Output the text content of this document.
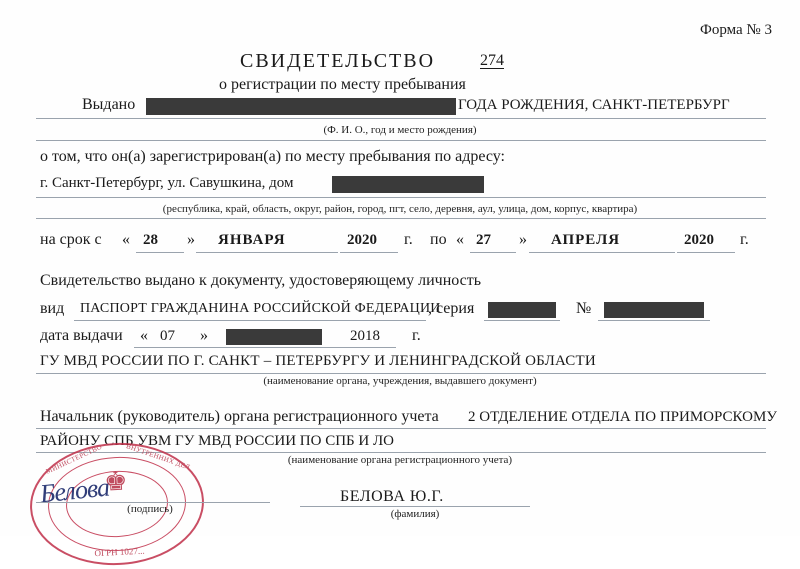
Форма № 3
СВИДЕТЕЛЬСТВО	274
о регистрации по месту пребывания
Выдано	ГОДА РОЖДЕНИЯ, САНКТ-ПЕТЕРБУРГ
(Ф. И. О., год и место рождения)
о том, что он(а) зарегистрирован(а) по месту пребывания по адресу:
г. Санкт-Петербург, ул. Савушкина, дом
(республика, край, область, округ, район, город, пгт, село, деревня, аул, улица, дом, корпус, квартира)
на срок с « 28 » ЯНВАРЯ	2020 г. по « 27 » АПРЕЛЯ	2020 г.
Свидетельство выдано к документу, удостоверяющему личность
вид ПАСПОРТ ГРАЖДАНИНА РОССИЙСКОЙ ФЕДЕРАЦИИ
, серия	№
дата выдачи « 07 »	2018 г.
ГУ МВД РОССИИ ПО Г. САНКТ – ПЕТЕРБУРГУ И ЛЕНИНГРАДСКОЙ ОБЛАСТИ
(наименование органа, учреждения, выдавшего документ)
Начальник (руководитель) органа регистрационного учета 2 ОТДЕЛЕНИЕ ОТДЕЛА ПО ПРИМОРСКОМУ
РАЙОНУ СПБ УВМ ГУ МВД РОССИИ ПО СПБ И ЛО
(наименование органа регистрационного учета)
♚
МИНИСТЕРСТВО	ВНУТРЕННИХ ДЕЛ
ОГРН 1027...
Белова
(подпись)
БЕЛОВА Ю.Г.
(фамилия)
